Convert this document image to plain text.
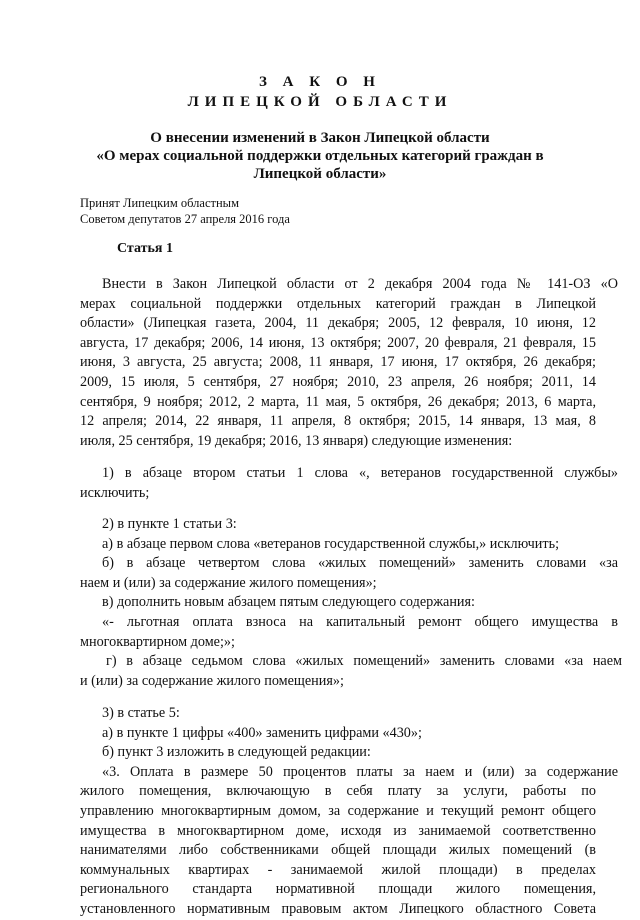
З А К О Н
ЛИПЕЦКОЙ ОБЛАСТИ
О внесении изменений в Закон Липецкой области
«О мерах социальной поддержки отдельных категорий граждан в
Липецкой области»
Принят Липецким областным
Советом депутатов 27 апреля 2016 года
Статья 1
Внести в Закон Липецкой области от 2 декабря 2004 года № 141-ОЗ «О
мерах социальной поддержки отдельных категорий граждан в Липецкой
области» (Липецкая газета, 2004, 11 декабря; 2005, 12 февраля, 10 июня, 12
августа, 17 декабря; 2006, 14 июня, 13 октября; 2007, 20 февраля, 21 февраля, 15
июня, 3 августа, 25 августа; 2008, 11 января, 17 июня, 17 октября, 26 декабря;
2009, 15 июля, 5 сентября, 27 ноября; 2010, 23 апреля, 26 ноября; 2011, 14
сентября, 9 ноября; 2012, 2 марта, 11 мая, 5 октября, 26 декабря; 2013, 6 марта,
12 апреля; 2014, 22 января, 11 апреля, 8 октября; 2015, 14 января, 13 мая, 8
июля, 25 сентября, 19 декабря; 2016, 13 января) следующие изменения:
1) в абзаце втором статьи 1 слова «, ветеранов государственной службы»
исключить;
2) в пункте 1 статьи 3:
а) в абзаце первом слова «ветеранов государственной службы,» исключить;
б) в абзаце четвертом слова «жилых помещений» заменить словами «за
наем и (или) за содержание жилого помещения»;
в) дополнить новым абзацем пятым следующего содержания:
«- льготная оплата взноса на капитальный ремонт общего имущества в
многоквартирном доме;»;
г) в абзаце седьмом слова «жилых помещений» заменить словами «за наем
и (или) за содержание жилого помещения»;
3) в статье 5:
а) в пункте 1 цифры «400» заменить цифрами «430»;
б) пункт 3 изложить в следующей редакции:
«3. Оплата в размере 50 процентов платы за наем и (или) за содержание
жилого помещения, включающую в себя плату за услуги, работы по
управлению многоквартирным домом, за содержание и текущий ремонт общего
имущества в многоквартирном доме, исходя из занимаемой соответственно
нанимателями либо собственниками общей площади жилых помещений (в
коммунальных квартирах - занимаемой жилой площади) в пределах
регионального стандарта нормативной площади жилого помещения,
установленного нормативным правовым актом Липецкого областного Совета
